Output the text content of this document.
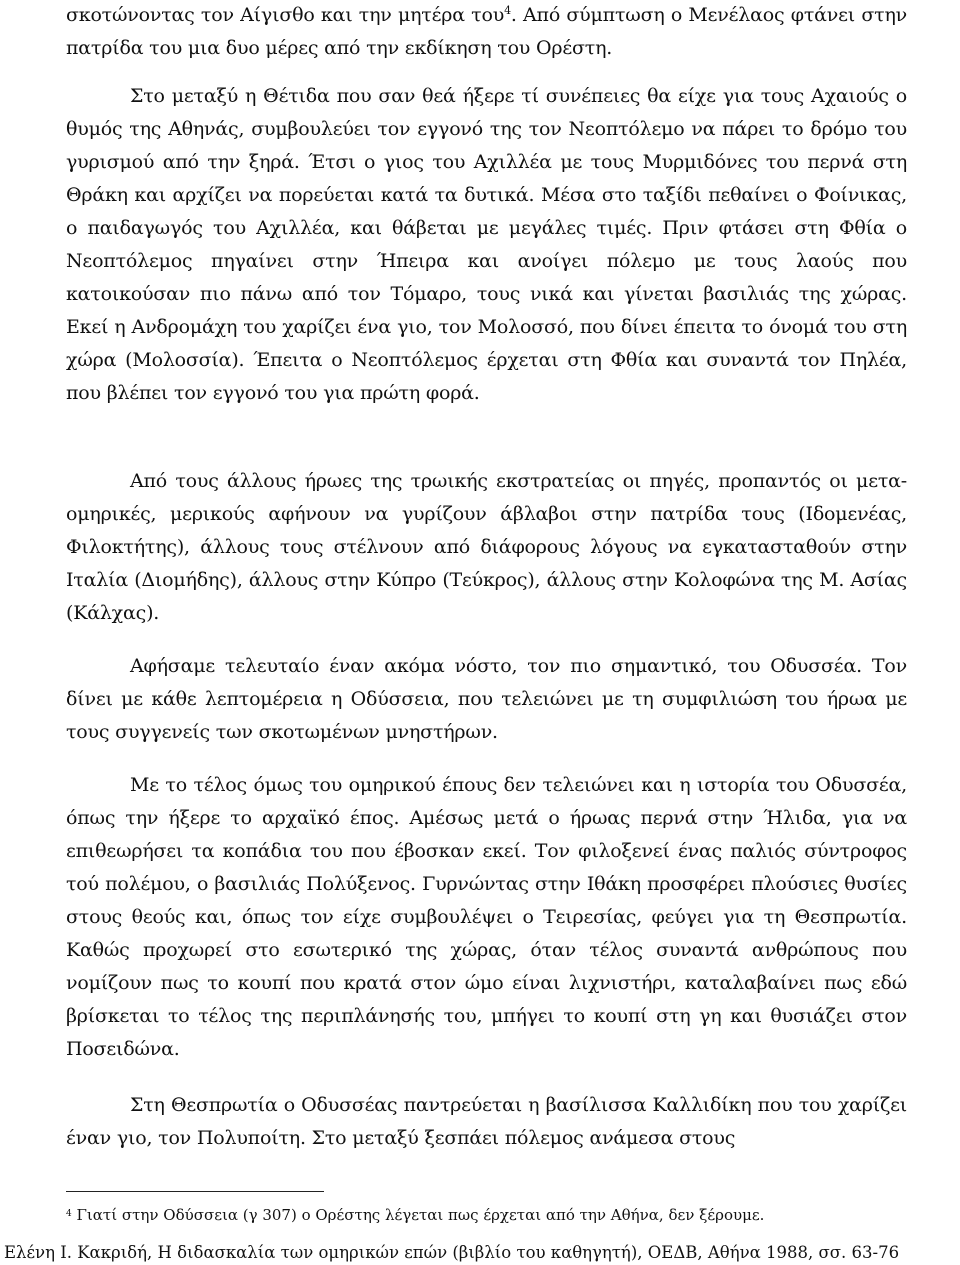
σκοτώνοντας τον Αίγισθο και την μητέρα του$^4$. Από σύμπτωση ο Μενέλαος φτάνει στην πατρίδα του μια δυο μέρες από την εκδίκηση του Ορέστη.

Στο μεταξύ η Θέτιδα που σαν θεά ήξερε τί συνέπειες θα είχε για τους Αχαιούς ο θυμός της Αθηνάς, συμβουλεύει τον εγγονό της τον Νεοπτόλεμο να πάρει το δρόμο του γυρισμού από την ξηρά. Έτσι ο γιος του Αχιλλέα με τους Μυρμιδόνες του περνά στη Θράκη και αρχίζει να πορεύεται κατά τα δυτικά. Μέσα στο ταξίδι πεθαίνει ο Φοίνικας, ο παιδαγωγός του Αχιλλέα, και θάβεται με μεγάλες τιμές. Πριν φτάσει στη Φθία ο Νεοπτόλεμος πηγαίνει στην Ήπειρα και ανοίγει πόλεμο με τους λαούς που κατοικούσαν πιο πάνω από τον Τόμαρο, τους νικά και γίνεται βασιλιάς της χώρας. Εκεί η Ανδρομάχη του χαρίζει ένα γιο, τον Μολοσσό, που δίνει έπειτα το όνομά του στη χώρα (Μολοσσία). Έπειτα ο Νεοπτόλεμος έρχεται στη Φθία και συναντά τον Πηλέα, που βλέπει τον εγγονό του για πρώτη φορά.

Από τους άλλους ήρωες της τρωικής εκστρατείας οι πηγές, προπαντός οι μετα-ομηρικές, μερικούς αφήνουν να γυρίζουν άβλαβοι στην πατρίδα τους (Ιδομενέας, Φιλοκτήτης), άλλους τους στέλνουν από διάφορους λόγους να εγκατασταθούν στην Ιταλία (Διομήδης), άλλους στην Κύπρο (Τεύκρος), άλλους στην Κολοφώνα της Μ. Ασίας (Κάλχας).

Αφήσαμε τελευταίο έναν ακόμα νόστο, τον πιο σημαντικό, του Οδυσσέα. Τον δίνει με κάθε λεπτομέρεια η Οδύσσεια, που τελειώνει με τη συμφιλιώση του ήρωα με τους συγγενείς των σκοτωμένων μνηστήρων.

Με το τέλος όμως του ομηρικού έπους δεν τελειώνει και η ιστορία του Οδυσσέα, όπως την ήξερε το αρχαϊκό έπος. Αμέσως μετά ο ήρωας περνά στην Ήλιδα, για να επιθεωρήσει τα κοπάδια του που έβοσκαν εκεί. Τον φιλοξενεί ένας παλιός σύντροφος τού πολέμου, ο βασιλιάς Πολύξενος. Γυρνώντας στην Ιθάκη προσφέρει πλούσιες θυσίες στους θεούς και, όπως τον είχε συμβουλέψει ο Τειρεσίας, φεύγει για τη Θεσπρωτία. Καθώς προχωρεί στο εσωτερικό της χώρας, όταν τέλος συναντά ανθρώπους που νομίζουν πως το κουπί που κρατά στον ώμο είναι λιχνιστήρι, καταλαβαίνει πως εδώ βρίσκεται το τέλος της περιπλάνησής του, μπήγει το κουπί στη γη και θυσιάζει στον Ποσειδώνα.

Στη Θεσπρωτία ο Οδυσσέας παντρεύεται η βασίλισσα Καλλιδίκη που του χαρίζει έναν γιο, τον Πολυποίτη. Στο μεταξύ ξεσπάει πόλεμος ανάμεσα στους

$^4$ Γιατί στην Οδύσσεια (γ 307) ο Ορέστης λέγεται πως έρχεται από την Αθήνα, δεν ξέρουμε.

Ελένη Ι. Κακριδή, Η διδασκαλία των ομηρικών επών (βιβλίο του καθηγητή), ΟΕΔΒ, Αθήνα 1988, σσ. 63-76
